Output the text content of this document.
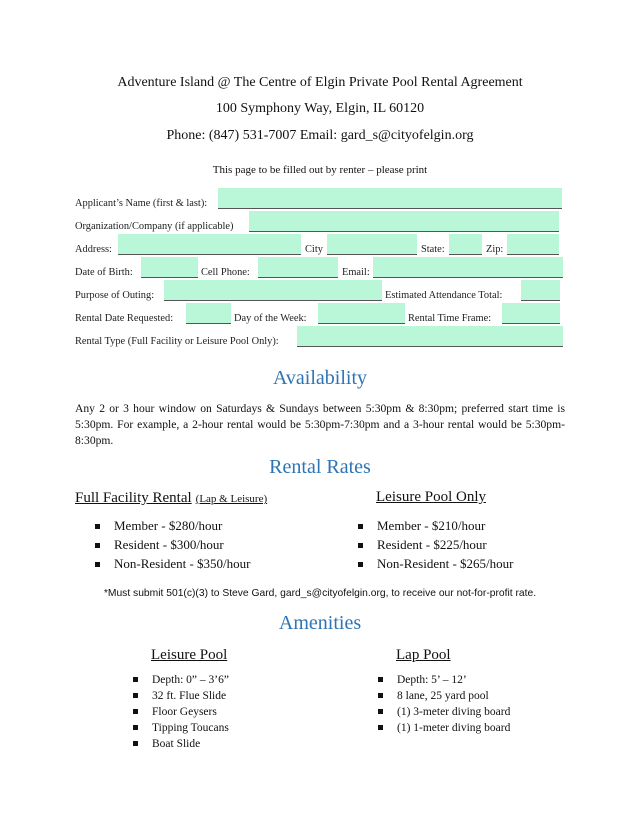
Adventure Island @ The Centre of Elgin Private Pool Rental Agreement
100 Symphony Way, Elgin, IL 60120
Phone: (847) 531-7007 Email: gard_s@cityofelgin.org
This page to be filled out by renter – please print
Applicant’s Name (first & last):
Organization/Company (if applicable)
Address:	City	State:	Zip:
Date of Birth:	Cell Phone:	Email:
Purpose of Outing:	Estimated Attendance Total:
Rental Date Requested:	Day of the Week:	Rental Time Frame:
Rental Type (Full Facility or Leisure Pool Only):
Availability
Any 2 or 3 hour window on Saturdays & Sundays between 5:30pm & 8:30pm; preferred start time is 5:30pm. For example, a 2-hour rental would be 5:30pm-7:30pm and a 3-hour rental would be 5:30pm-8:30pm.
Rental Rates
Full Facility Rental (Lap & Leisure)	Leisure Pool Only
Member - $280/hour
Resident - $300/hour
Non-Resident - $350/hour
Member - $210/hour
Resident - $225/hour
Non-Resident - $265/hour
*Must submit 501(c)(3) to Steve Gard, gard_s@cityofelgin.org, to receive our not-for-profit rate.
Amenities
Leisure Pool	Lap Pool
Depth: 0” – 3’6”
32 ft. Flue Slide
Floor Geysers
Tipping Toucans
Boat Slide
Depth: 5’ – 12’
8 lane, 25 yard pool
(1) 3-meter diving board
(1) 1-meter diving board
